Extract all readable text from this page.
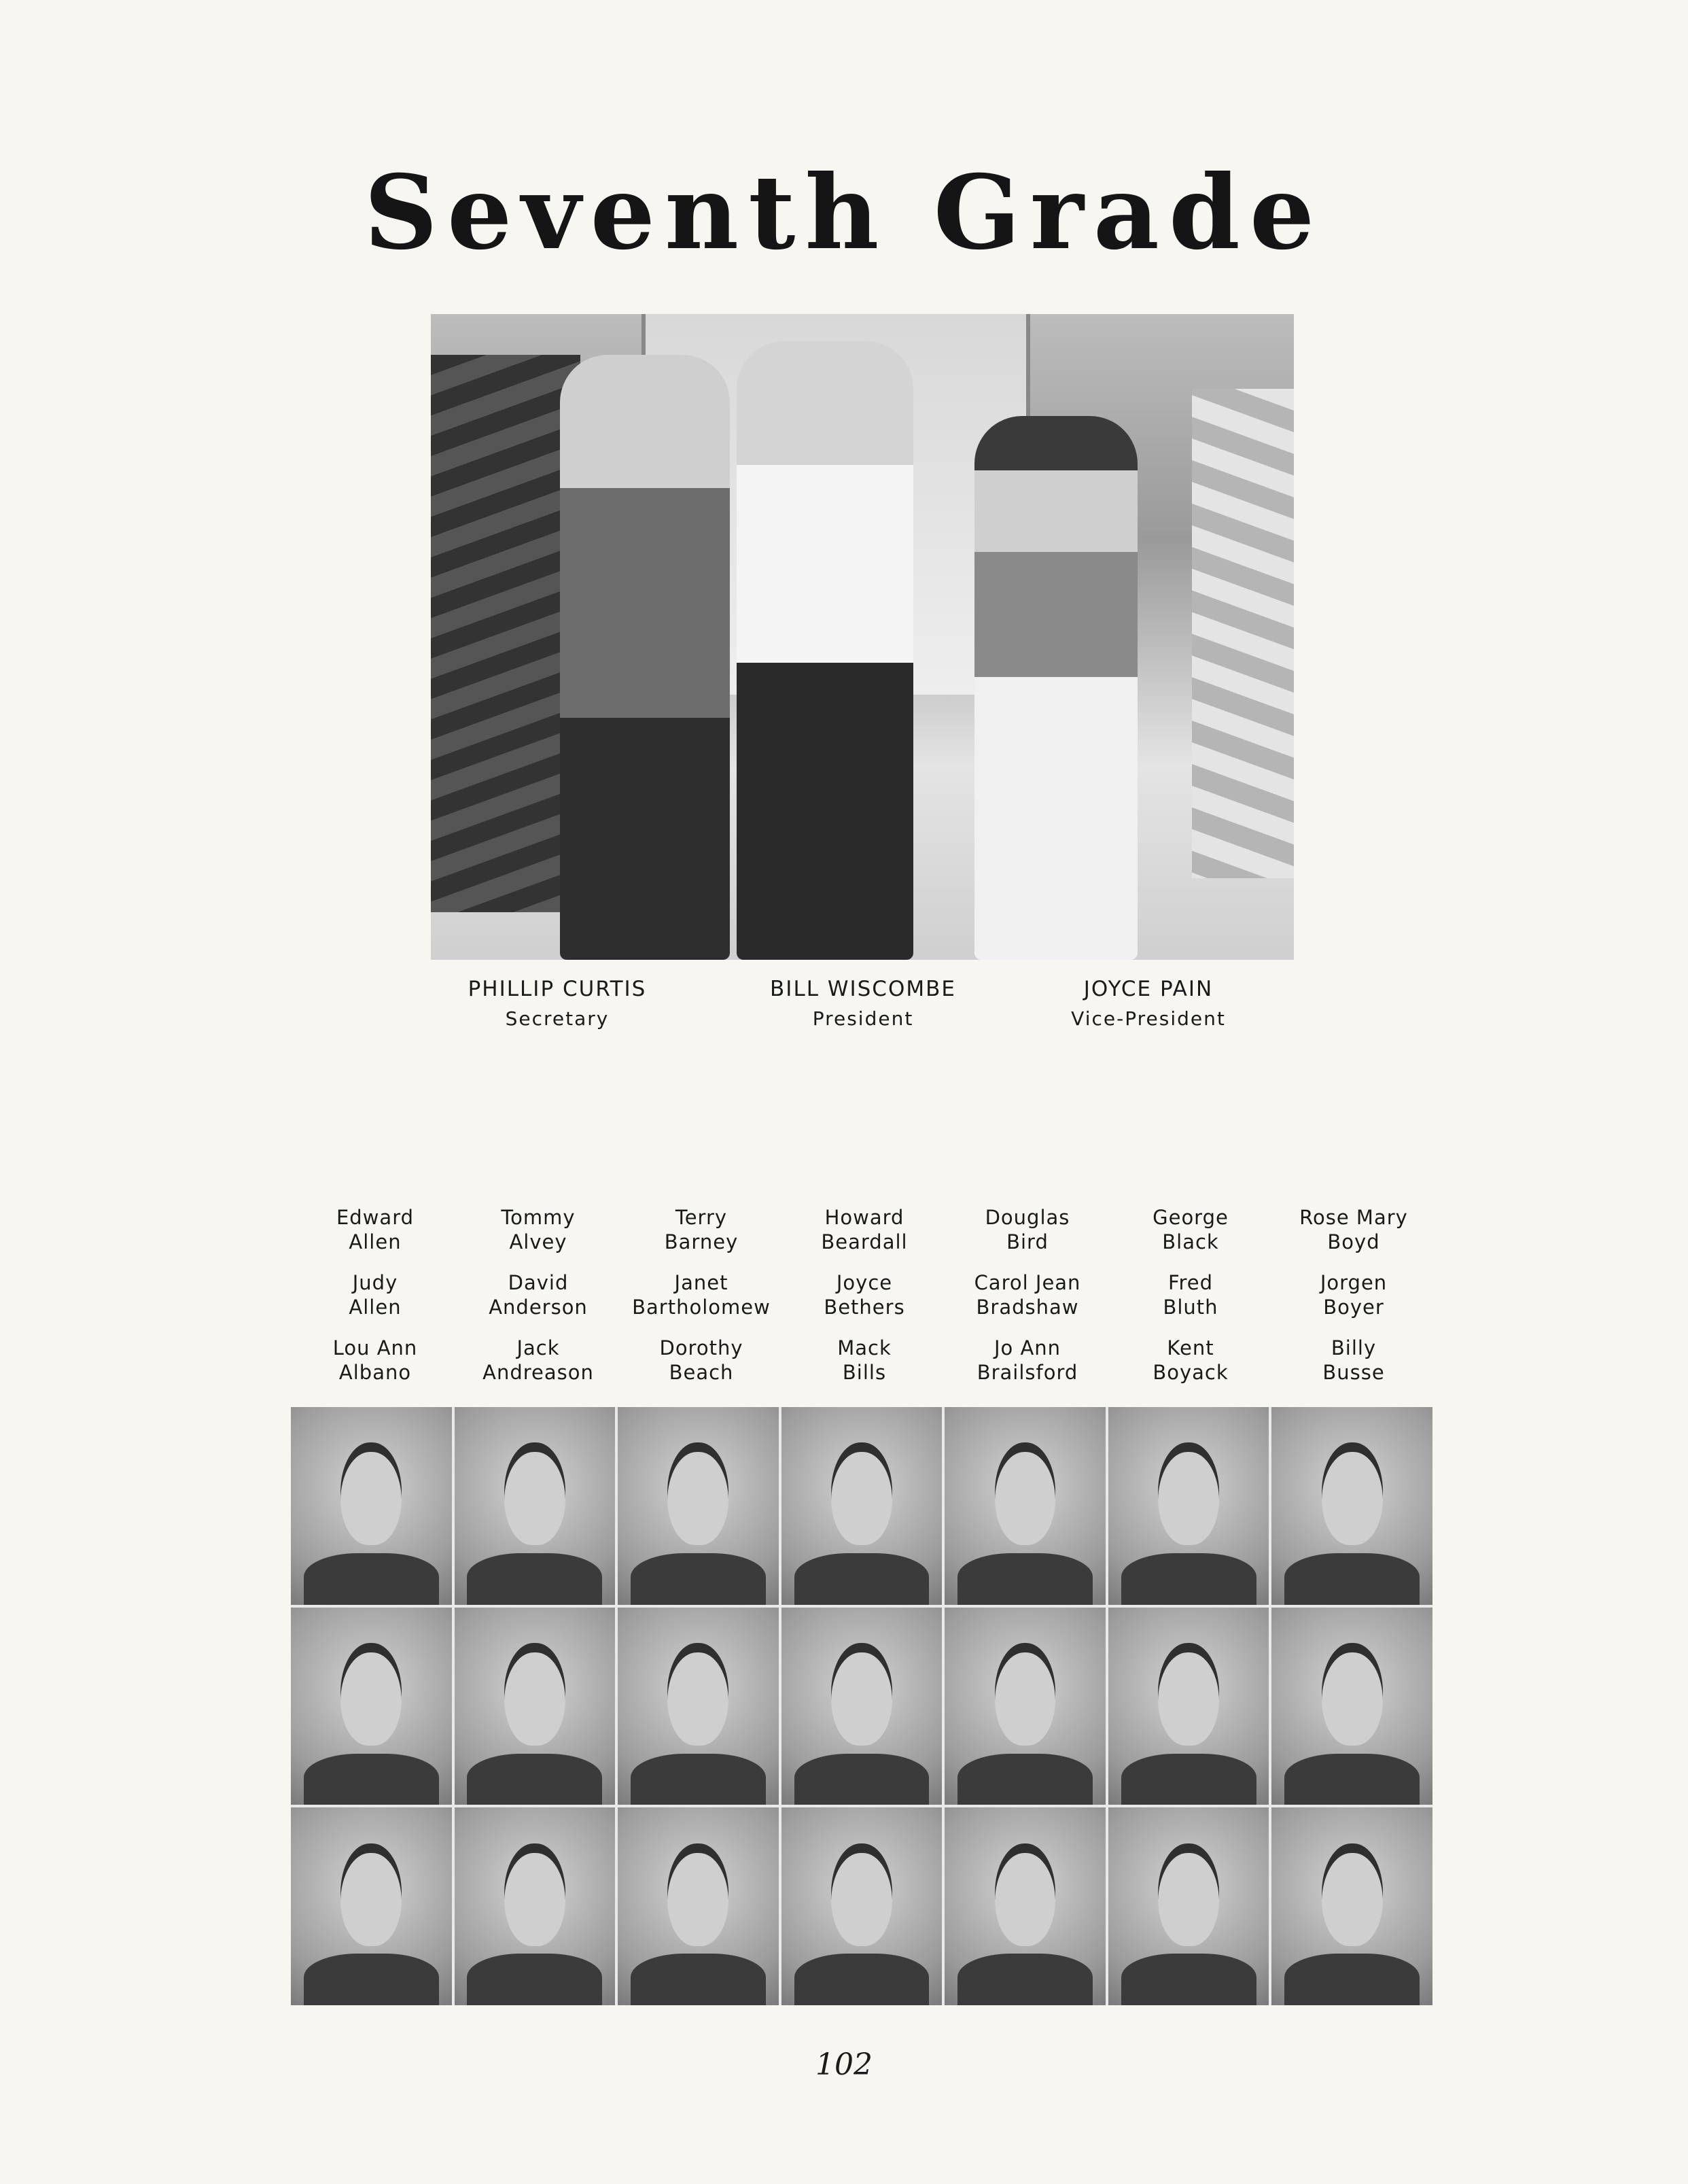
Seventh Grade
PHILLIP CURTIS
Secretary
BILL WISCOMBE
President
JOYCE PAIN
Vice-President
Edward
Allen
Tommy
Alvey
Terry
Barney
Howard
Beardall
Douglas
Bird
George
Black
Rose Mary
Boyd
Judy
Allen
David
Anderson
Janet
Bartholomew
Joyce
Bethers
Carol Jean
Bradshaw
Fred
Bluth
Jorgen
Boyer
Lou Ann
Albano
Jack
Andreason
Dorothy
Beach
Mack
Bills
Jo Ann
Brailsford
Kent
Boyack
Billy
Busse
102
